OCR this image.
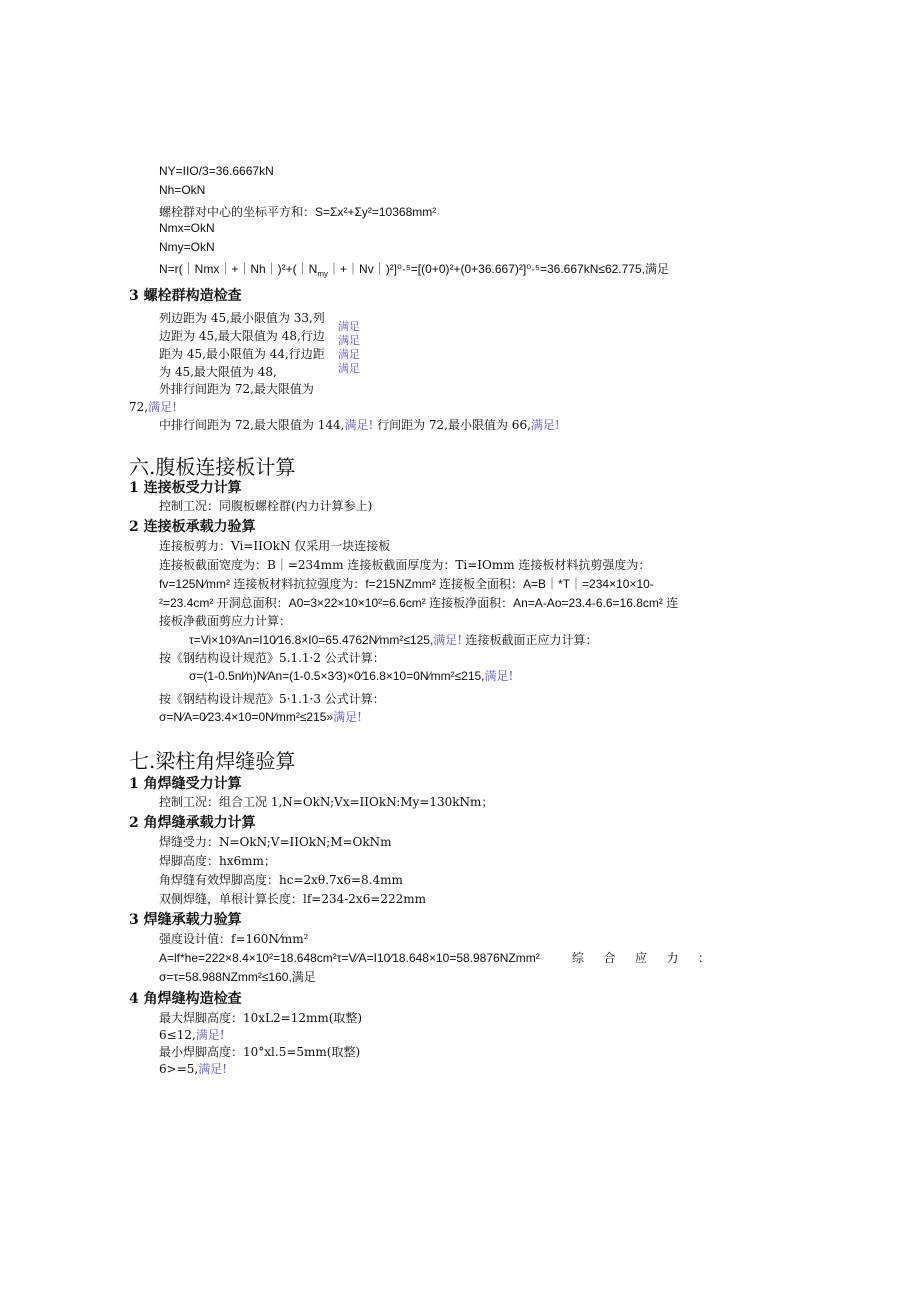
NY=IIO/3=36.6667kN
Nh=OkN
螺栓群对中心的坐标平方和：S=Σx²+Σy²=10368mm²
Nmx=OkN
Nmy=OkN
$N=r(|Nmx|+|Nh|)^2+(|N_{my}|+|Nv|)^2]^0\cdot^5=[(0+0)^2+(0+36.667)^2]^0\cdot^5=36.667kN\le 62.775$,满足
3 螺栓群构造检查
列边距为 45,最小限值为 33,列
边距为 45,最大限值为 48,行边
距为 45,最小限值为 44,行边距
为 45,最大限值为 48,
外排行间距为 72,最大限值为
满足
满足
满足
满足
72,满足!
中排行间距为 72,最大限值为 144,满足! 行间距为 72,最小限值为 66,满足!
六.腹板连接板计算
1 连接板受力计算
控制工况：同腹板螺栓群(内力计算参上)
2 连接板承载力验算
连接板剪力：Vi=IIOkN 仅采用一块连接板
连接板截面宽度为：B｜=234mm 连接板截面厚度为：Ti=IOmm 连接板材料抗剪强度为：
fv=125N⁄mm² 连接板材料抗拉强度为：f=215NZmm² 连接板全面积：A=B｜*T｜=234×10×10-
²=23.4cm² 开洞总面积：A0=3×22×10×10²=6.6cm² 连接板净面积：An=A-Ao=23.4-6.6=16.8cm² 连
接板净截面剪应力计算：
τ=Vi×10³⁄An=I10⁄16.8×I0=65.4762N⁄mm²≤125,满足! 连接板截面正应力计算：
按《钢结构设计规范》5.1.1·2 公式计算：
σ=(1-0.5nl⁄n)N⁄An=(1-0.5×3⁄3)×0⁄16.8×10=0N⁄mm²≤215,满足!
按《钢结构设计规范》5·1.1·3 公式计算：
σ=N⁄A=0⁄23.4×10=0N⁄mm²≤215»满足!
七.梁柱角焊缝验算
1 角焊缝受力计算
控制工况：组合工况 1,N=OkN;Vx=IIOkN:My=130kNm；
2 角焊缝承载力计算
焊缝受力：N=OkN;V=IIOkN;M=OkNm
焊脚高度：hx6mm；
角焊缝有效焊脚高度：hc=2xθ.7x6=8.4mm
双侧焊缝，单根计算长度：lf=234-2x6=222mm
3 焊缝承载力验算
强度设计值：f=160N⁄mm²
A=lf*he=222×8.4×10²=18.648cm²τ=V⁄A=I10⁄18.648×10=58.9876NZmm²	综 合 应 力 ：
σ=τ=58.988NZmm²≤160,满足
4 角焊缝构造检查
最大焊脚高度：10xL2=12mm(取整)
6≤12,满足!
最小焊脚高度：10°xl.5=5mm(取整)
6>=5,满足!
